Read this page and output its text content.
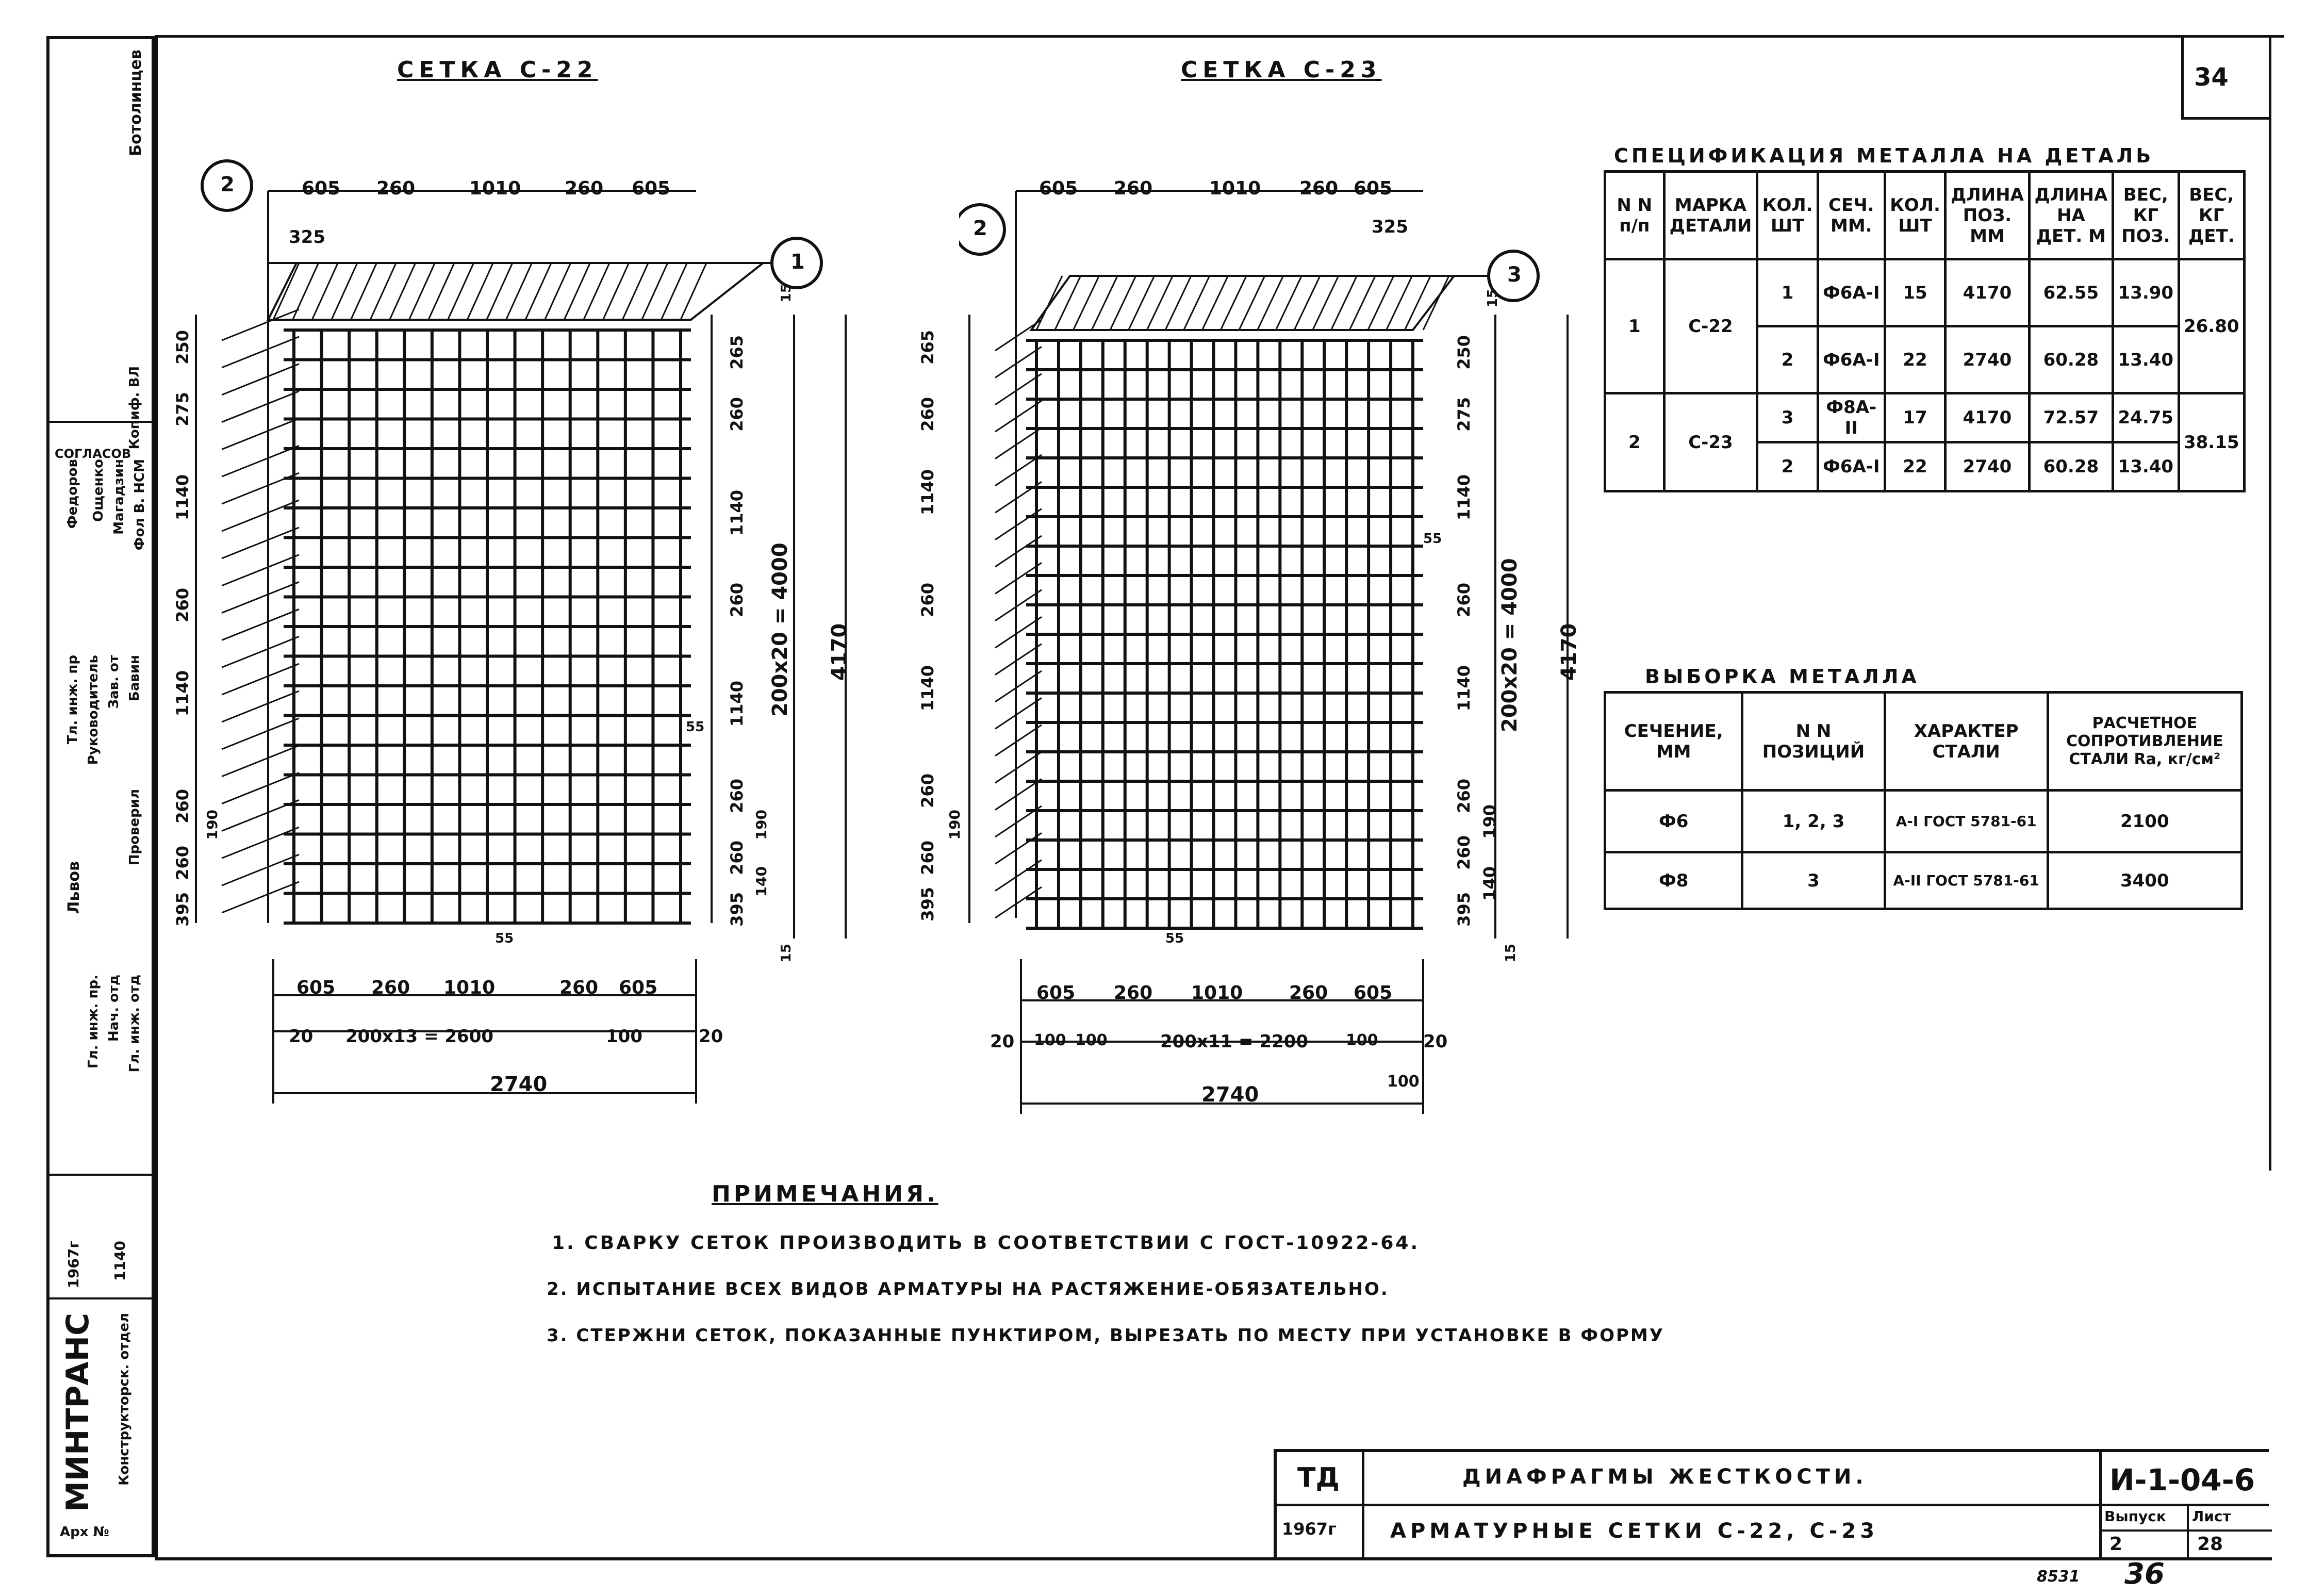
Ботолинцев
СОГЛАСОВ
1967г 1140
МИНТРАНС Конструкторск. отдел
Арх №
Бавин
Копиф. ВЛ
Федоров Ощенко Магадзин Фол В. НСМ
Тл. инж. пр Руководитель Зав. от
Проверил
Львов
Гл. инж. пр. Нач. отд Гл. инж. отд
34
СЕТКА С-22
605 260	1010 260 605
325
200x20 = 4000 4170
605 260 1010	260 605
20 200x13 = 2600	100	20
2740
2
1
250
275
1140
260
1140
260
190
260
395
265
260
1140
260
1140
260
190
260
140
395
15
55
55
15
СЕТКА С-23
605 260	1010 260 605
325
200x20 = 4000 4170
605 260 1010 260 605
20 100 100	200x11 = 2200 100
100
20
2740
2
3
265
260
1140
260
1140
260
190
260
395
250
275
1140
260
1140
260
190
260
140
395
15
55
55
15
СПЕЦИФИКАЦИЯ МЕТАЛЛА НА ДЕТАЛЬ
N N п/п	МАРКА ДЕТАЛИ	КОЛ. ШТ	СЕЧ. ММ.	КОЛ. ШТ	ДЛИНА ПОЗ. ММ	ДЛИНА НА ДЕТ. М	ВЕС, КГ ПОЗ.	ВЕС, КГ ДЕТ.
1	С-22	1	Ф6А-I	15	4170	62.55	13.90	26.80
		2	Ф6А-I	22	2740	60.28	13.40	
2	С-23	3	Ф8А-II	17	4170	72.57	24.75	38.15
		2	Ф6А-I	22	2740	60.28	13.40	
ВЫБОРКА МЕТАЛЛА
СЕЧЕНИЕ, ММ	N N ПОЗИЦИЙ	ХАРАКТЕР СТАЛИ	РАСЧЕТНОЕ СОПРОТИВЛЕНИЕ СТАЛИ Rа, кг/см²
Ф6	1, 2, 3	А-I ГОСТ 5781-61	2100
Ф8	3	А-II ГОСТ 5781-61	3400
ПРИМЕЧАНИЯ.
1. СВАРКУ СЕТОК ПРОИЗВОДИТЬ В СООТВЕТСТВИИ С ГОСТ-10922-64.
2. ИСПЫТАНИЕ ВСЕХ ВИДОВ АРМАТУРЫ НА РАСТЯЖЕНИЕ-ОБЯЗАТЕЛЬНО.
3. СТЕРЖНИ СЕТОК, ПОКАЗАННЫЕ ПУНКТИРОМ, ВЫРЕЗАТЬ ПО МЕСТУ ПРИ УСТАНОВКЕ В ФОРМУ
ТД
1967г
ДИАФРАГМЫ ЖЕСТКОСТИ.
АРМАТУРНЫЕ СЕТКИ С-22, С-23
И-1-04-6
Выпуск
2
Лист
28
8531 36
